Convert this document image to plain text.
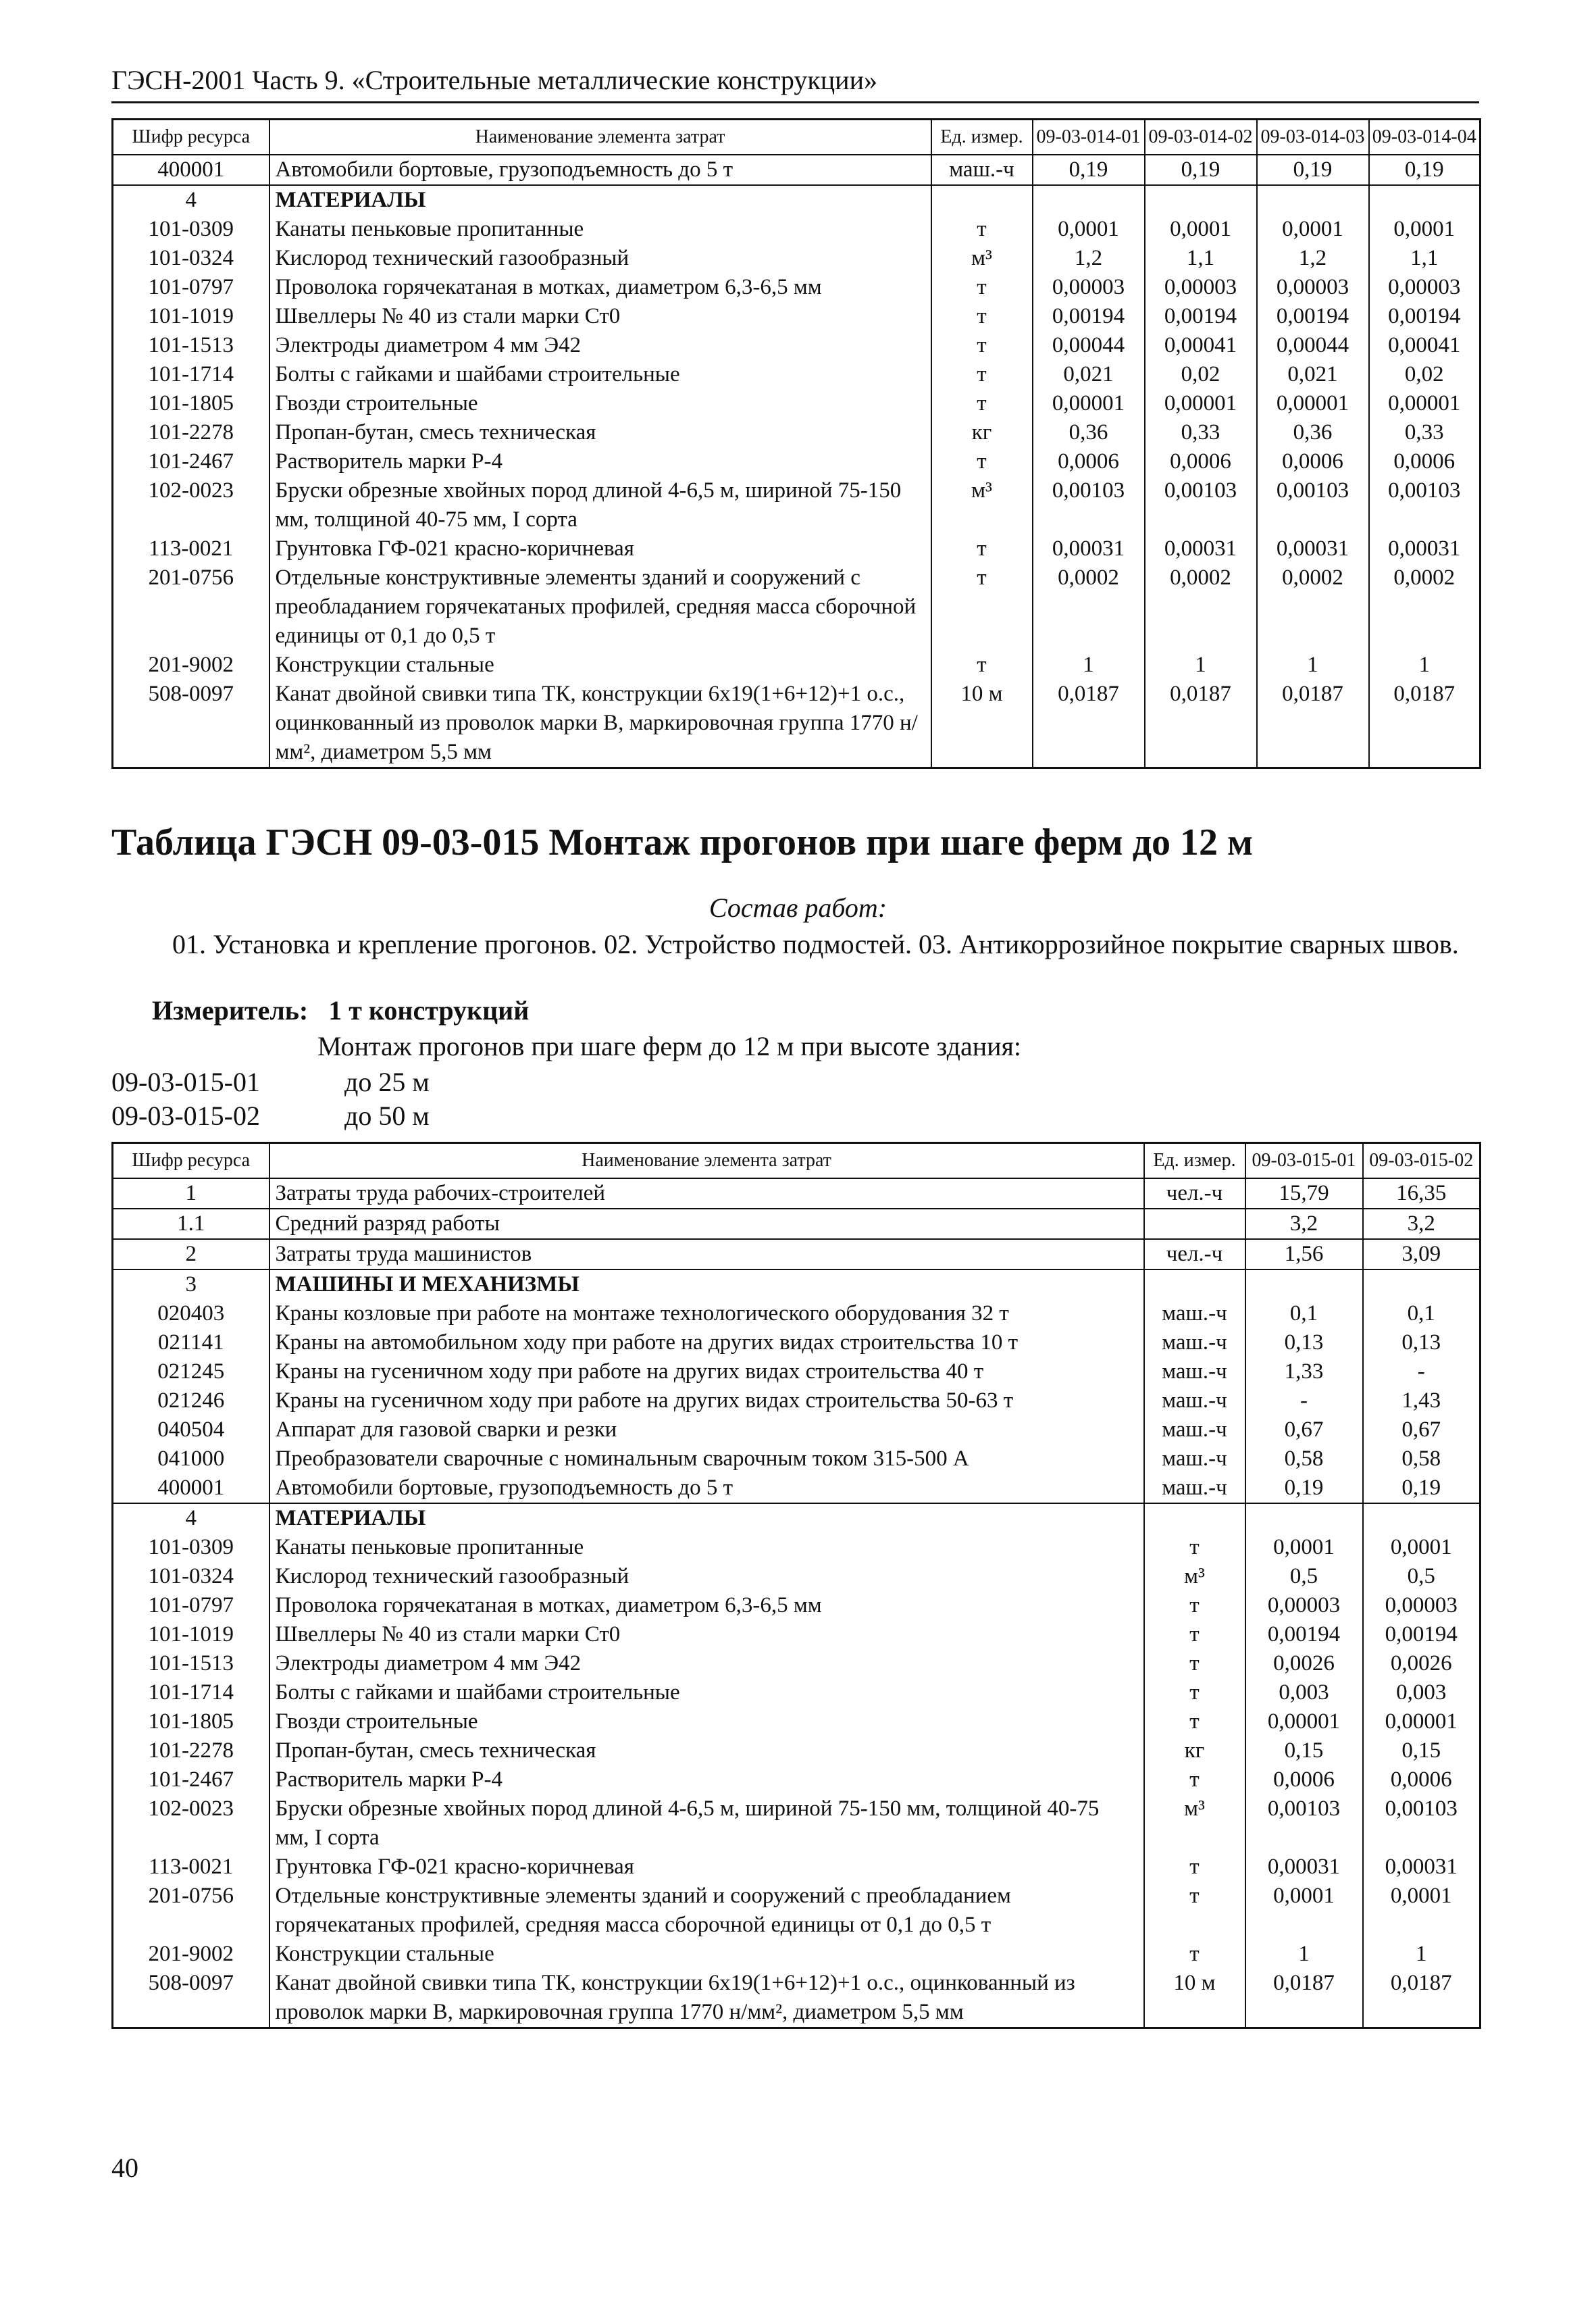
ГЭСН-2001 Часть 9. «Строительные металлические конструкции»
Шифр ресурса	Наименование элемента затрат	Ед. измер.	09-03-014-01	09-03-014-02	09-03-014-03	09-03-014-04
400001	Автомобили бортовые, грузоподъемность до 5 т	маш.-ч	0,19	0,19	0,19	0,19
4	МАТЕРИАЛЫ					
101-0309	Канаты пеньковые пропитанные	т	0,0001	0,0001	0,0001	0,0001
101-0324	Кислород технический газообразный	м³	1,2	1,1	1,2	1,1
101-0797	Проволока горячекатаная в мотках, диаметром 6,3-6,5 мм	т	0,00003	0,00003	0,00003	0,00003
101-1019	Швеллеры № 40 из стали марки Ст0	т	0,00194	0,00194	0,00194	0,00194
101-1513	Электроды диаметром 4 мм Э42	т	0,00044	0,00041	0,00044	0,00041
101-1714	Болты с гайками и шайбами строительные	т	0,021	0,02	0,021	0,02
101-1805	Гвозди строительные	т	0,00001	0,00001	0,00001	0,00001
101-2278	Пропан-бутан, смесь техническая	кг	0,36	0,33	0,36	0,33
101-2467	Растворитель марки Р-4	т	0,0006	0,0006	0,0006	0,0006
102-0023	Бруски обрезные хвойных пород длиной 4-6,5 м, шириной 75-150 мм, толщиной 40-75 мм, I сорта	м³	0,00103	0,00103	0,00103	0,00103
113-0021	Грунтовка ГФ-021 красно-коричневая	т	0,00031	0,00031	0,00031	0,00031
201-0756	Отдельные конструктивные элементы зданий и сооружений с преобладанием горячекатаных профилей, средняя масса сборочной единицы от 0,1 до 0,5 т	т	0,0002	0,0002	0,0002	0,0002
201-9002	Конструкции стальные	т	1	1	1	1
508-0097	Канат двойной свивки типа ТК, конструкции 6х19(1+6+12)+1 о.с., оцинкованный из проволок марки В, маркировочная группа 1770 н/мм², диаметром 5,5 мм	10 м	0,0187	0,0187	0,0187	0,0187
Таблица ГЭСН 09-03-015 Монтаж прогонов при шаге ферм до 12 м
Состав работ:
01. Установка и крепление прогонов. 02. Устройство подмостей. 03. Антикоррозийное покрытие сварных швов.
Измеритель: 1 т конструкций
Монтаж прогонов при шаге ферм до 12 м при высоте здания:
09-03-015-01	до 25 м
09-03-015-02	до 50 м
Шифр ресурса	Наименование элемента затрат	Ед. измер.	09-03-015-01	09-03-015-02
1	Затраты труда рабочих-строителей	чел.-ч	15,79	16,35
1.1	Средний разряд работы		3,2	3,2
2	Затраты труда машинистов	чел.-ч	1,56	3,09
3	МАШИНЫ И МЕХАНИЗМЫ			
020403	Краны козловые при работе на монтаже технологического оборудования 32 т	маш.-ч	0,1	0,1
021141	Краны на автомобильном ходу при работе на других видах строительства 10 т	маш.-ч	0,13	0,13
021245	Краны на гусеничном ходу при работе на других видах строительства 40 т	маш.-ч	1,33	-
021246	Краны на гусеничном ходу при работе на других видах строительства 50-63 т	маш.-ч	-	1,43
040504	Аппарат для газовой сварки и резки	маш.-ч	0,67	0,67
041000	Преобразователи сварочные с номинальным сварочным током 315-500 А	маш.-ч	0,58	0,58
400001	Автомобили бортовые, грузоподъемность до 5 т	маш.-ч	0,19	0,19
4	МАТЕРИАЛЫ			
101-0309	Канаты пеньковые пропитанные	т	0,0001	0,0001
101-0324	Кислород технический газообразный	м³	0,5	0,5
101-0797	Проволока горячекатаная в мотках, диаметром 6,3-6,5 мм	т	0,00003	0,00003
101-1019	Швеллеры № 40 из стали марки Ст0	т	0,00194	0,00194
101-1513	Электроды диаметром 4 мм Э42	т	0,0026	0,0026
101-1714	Болты с гайками и шайбами строительные	т	0,003	0,003
101-1805	Гвозди строительные	т	0,00001	0,00001
101-2278	Пропан-бутан, смесь техническая	кг	0,15	0,15
101-2467	Растворитель марки Р-4	т	0,0006	0,0006
102-0023	Бруски обрезные хвойных пород длиной 4-6,5 м, шириной 75-150 мм, толщиной 40-75 мм, I сорта	м³	0,00103	0,00103
113-0021	Грунтовка ГФ-021 красно-коричневая	т	0,00031	0,00031
201-0756	Отдельные конструктивные элементы зданий и сооружений с преобладанием горячекатаных профилей, средняя масса сборочной единицы от 0,1 до 0,5 т	т	0,0001	0,0001
201-9002	Конструкции стальные	т	1	1
508-0097	Канат двойной свивки типа ТК, конструкции 6х19(1+6+12)+1 о.с., оцинкованный из проволок марки В, маркировочная группа 1770 н/мм², диаметром 5,5 мм	10 м	0,0187	0,0187
40
